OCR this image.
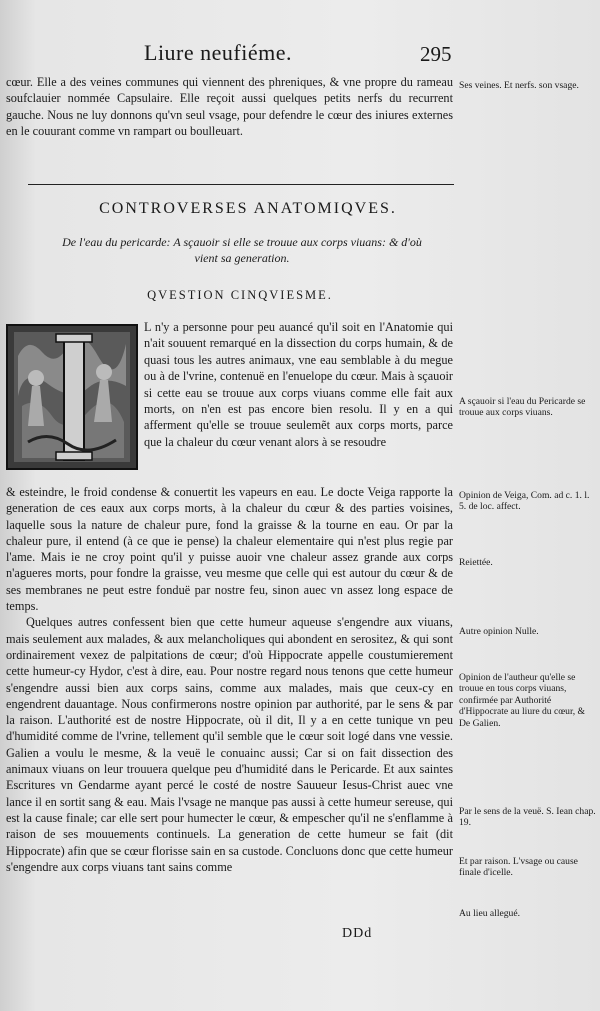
Liure neufiéme.	295

cœur. Elle a des veines communes qui viennent des phreniques, & vne propre du rameau soufclauier nommée Capsulaire. Elle reçoit aussi quelques petits nerfs du recurrent gauche. Nous ne luy donnons qu'vn seul vsage, pour defendre le cœur des iniures externes en le couurant comme vn rampart ou boulleuart.

CONTROVERSES ANATOMIQVES.
De l'eau du pericarde: A sçauoir si elle se trouue aux corps viuans: & d'où vient sa generation.
QVESTION CINQVIESME.
L n'y a personne pour peu auancé qu'il soit en l'Anatomie qui n'ait souuent remarqué en la dissection du corps humain, & de quasi tous les autres animaux, vne eau semblable à du megue ou à de l'vrine, contenuë en l'enuelope du cœur. Mais à sçauoir si cette eau se trouue aux corps viuans comme elle fait aux morts, on n'en est pas encore bien resolu. Il y en a qui afferment qu'elle se trouue seulemẽt aux corps morts, parce que la chaleur du cœur venant alors à se resoudre

& esteindre, le froid condense & conuertit les vapeurs en eau. Le docte Veiga rapporte la generation de ces eaux aux corps morts, à la chaleur du cœur & des parties voisines, laquelle sous la nature de chaleur pure, fond la graisse & la tourne en eau. Or par la chaleur pure, il entend (à ce que ie pense) la chaleur elementaire qui n'est plus regie par l'ame. Mais ie ne croy point qu'il y puisse auoir vne chaleur assez grande aux corps n'agueres morts, pour fondre la graisse, veu mesme que celle qui est autour du cœur & de ses membranes ne peut estre fonduë par nostre feu, sinon auec vn assez long espace de temps.

Quelques autres confessent bien que cette humeur aqueuse s'engendre aux viuans, mais seulement aux malades, & aux melancholiques qui abondent en serositez, & qui sont ordinairement vexez de palpitations de cœur; d'où Hippocrate appelle coustumierement cette humeur-cy Hydor, c'est à dire, eau. Pour nostre regard nous tenons que cette humeur s'engendre aussi bien aux corps sains, comme aux malades, mais que ceux-cy en engendrent dauantage. Nous confirmerons nostre opinion par authorité, par le sens & par la raison. L'authorité est de nostre Hippocrate, où il dit, Il y a en cette tunique vn peu d'humidité comme de l'vrine, tellement qu'il semble que le cœur soit logé dans vne vessie. Galien a voulu le mesme, & la veuë le conuainc aussi; Car si on fait dissection des animaux viuans on leur trouuera quelque peu d'humidité dans le Pericarde. Et aux saintes Escritures vn Gendarme ayant percé le costé de nostre Sauueur Iesus-Christ auec vne lance il en sortit sang & eau. Mais l'vsage ne manque pas aussi à cette humeur sereuse, qui est la cause finale; car elle sert pour humecter le cœur, & empescher qu'il ne s'enflamme à raison de ses mouuements continuels. La generation de cette humeur se fait (dit Hippocrate) afin que se cœur florisse sain en sa custode. Concluons donc que cette humeur s'engendre aux corps viuans tant sains comme

DDd
Ses veines. Et nerfs. son vsage.
A sçauoir si l'eau du Pericarde se trouue aux corps viuans.
Opinion de Veiga, Com. ad c. 1. l. 5. de loc. affect.
Reiettée.
Autre opinion Nulle.
Opinion de l'autheur qu'elle se trouue en tous corps viuans, confirmée par Authorité d'Hippocrate au liure du cœur, & De Galien.
Par le sens de la veuë. S. Iean chap. 19.
Et par raison. L'vsage ou cause finale d'icelle.
Au lieu allegué.
